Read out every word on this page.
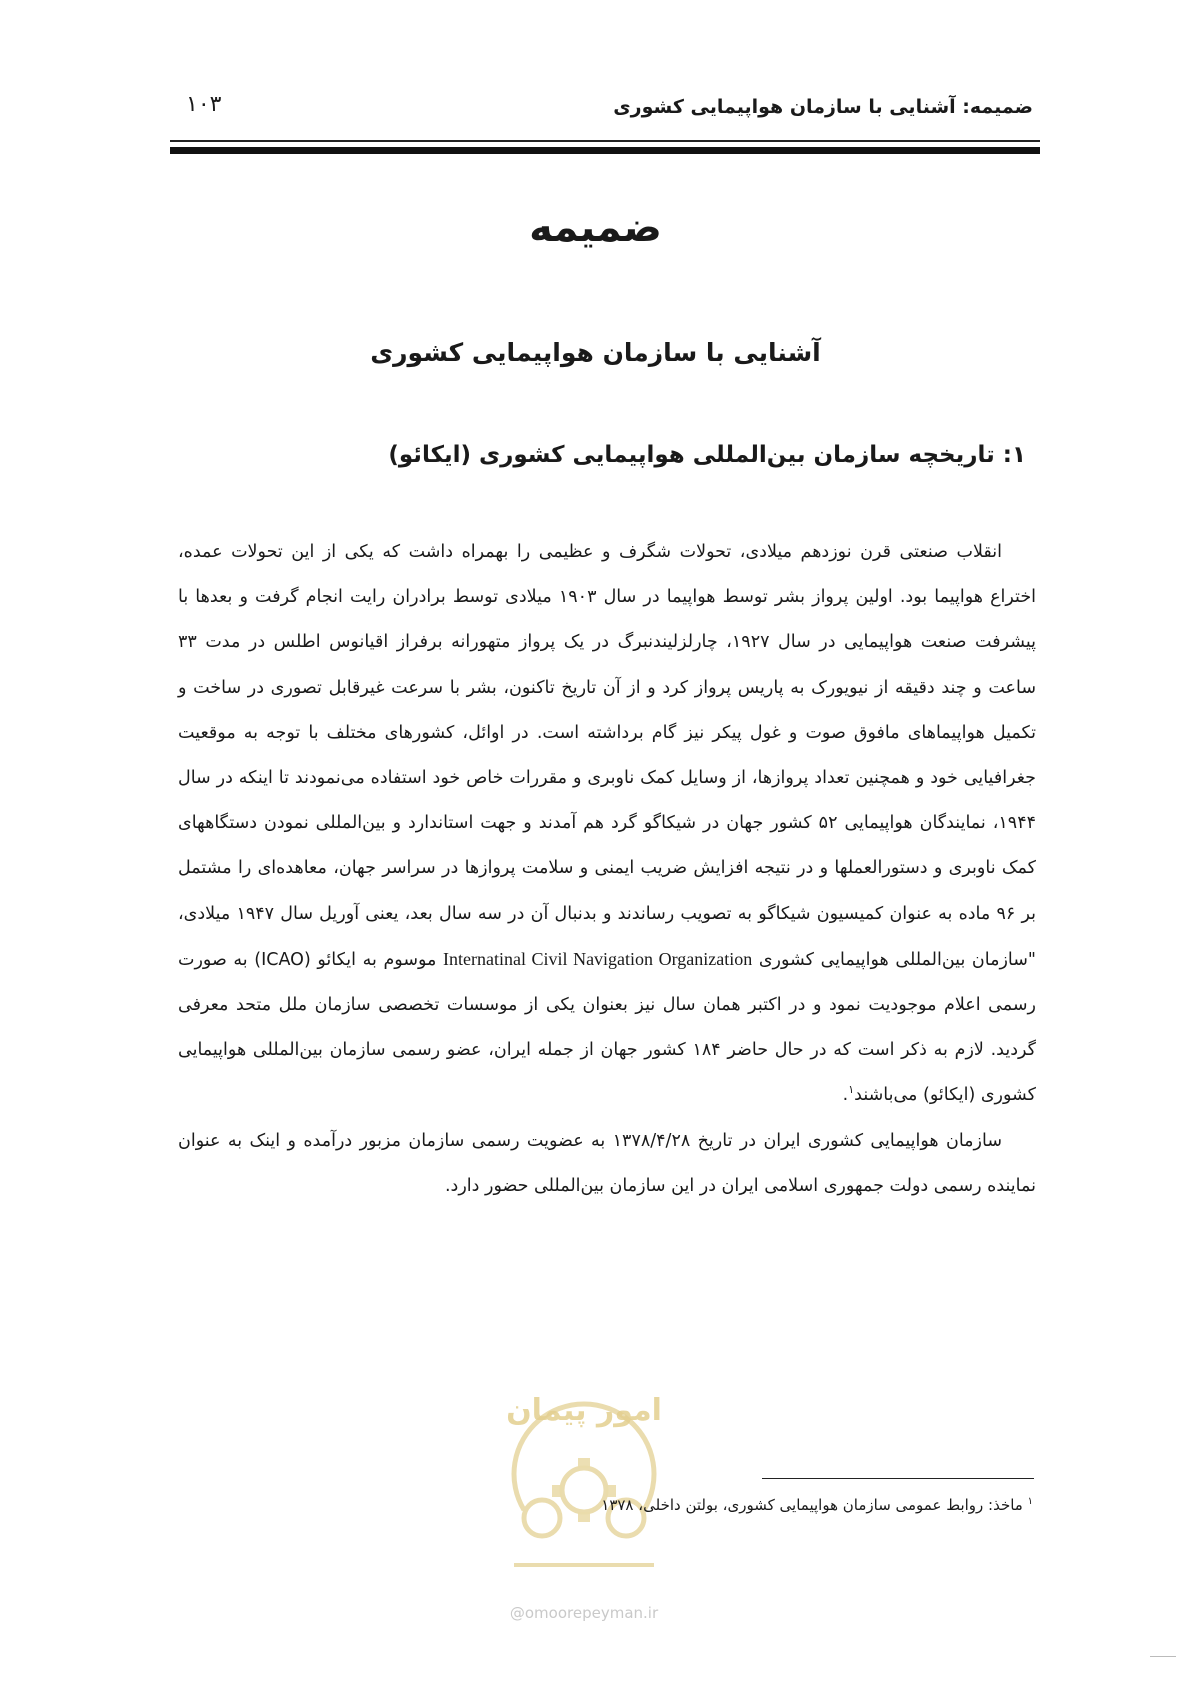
۱۰۳	ضمیمه: آشنایی با سازمان هواپیمایی کشوری
ضمیمه
آشنایی با سازمان هواپیمایی کشوری
۱: تاریخچه سازمان بین‌المللی هواپیمایی کشوری (ایکائو)

انقلاب صنعتی قرن نوزدهم میلادی، تحولات شگرف و عظیمی را بهمراه داشت که یکی از این تحولات عمده، اختراع هواپیما بود. اولین پرواز بشر توسط هواپیما در سال ۱۹۰۳ میلادی توسط برادران رایت انجام گرفت و بعدها با پیشرفت صنعت هواپیمایی در سال ۱۹۲۷، چارلزلیندنبرگ در یک پرواز متهورانه برفراز اقیانوس اطلس در مدت ۳۳ ساعت و چند دقیقه از نیویورک به پاریس پرواز کرد و از آن تاریخ تاکنون، بشر با سرعت غیرقابل تصوری در ساخت و تکمیل هواپیماهای مافوق صوت و غول پیکر نیز گام برداشته است. در اوائل، کشورهای مختلف با توجه به موقعیت جغرافیایی خود و همچنین تعداد پروازها، از وسایل کمک ناوبری و مقررات خاص خود استفاده می‌نمودند تا اینکه در سال ۱۹۴۴، نمایندگان هواپیمایی ۵۲ کشور جهان در شیکاگو گرد هم آمدند و جهت استاندارد و بین‌المللی نمودن دستگاههای کمک ناوبری و دستورالعملها و در نتیجه افزایش ضریب ایمنی و سلامت پروازها در سراسر جهان، معاهده‌ای را مشتمل بر ۹۶ ماده به عنوان کمیسیون شیکاگو به تصویب رساندند و بدنبال آن در سه سال بعد، یعنی آوریل سال ۱۹۴۷ میلادی، "سازمان بین‌المللی هواپیمایی کشوری Internatinal Civil Navigation Organization موسوم به ایکائو (ICAO) به صورت رسمی اعلام موجودیت نمود و در اکتبر همان سال نیز بعنوان یکی از موسسات تخصصی سازمان ملل متحد معرفی گردید. لازم به ذکر است که در حال حاضر ۱۸۴ کشور جهان از جمله ایران، عضو رسمی سازمان بین‌المللی هواپیمایی کشوری (ایکائو) می‌باشند$^۱$.

سازمان هواپیمایی کشوری ایران در تاریخ ۱۳۷۸/۴/۲۸ به عضویت رسمی سازمان مزبور درآمده و اینک به عنوان نماینده رسمی دولت جمهوری اسلامی ایران در این سازمان بین‌المللی حضور دارد.

امور پیمان
$^۱$ ماخذ: روابط عمومی سازمان هواپیمایی کشوری، بولتن داخلی، ۱۳۷۸
@omoorepeyman.ir
